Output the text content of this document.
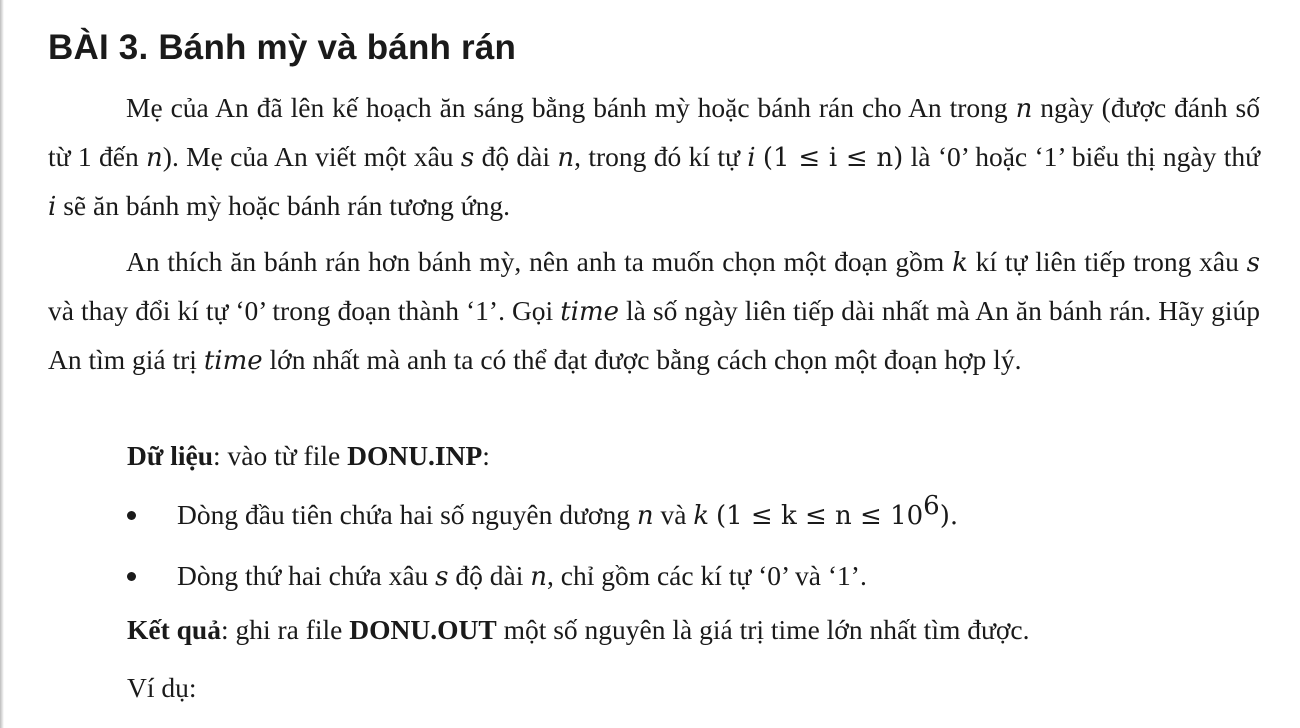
BÀI 3. Bánh mỳ và bánh rán

Mẹ của An đã lên kế hoạch ăn sáng bằng bánh mỳ hoặc bánh rán cho An trong n ngày (được đánh số từ 1 đến n). Mẹ của An viết một xâu s độ dài n, trong đó kí tự i (1 ≤ i ≤ n) là ‘0’ hoặc ‘1’ biểu thị ngày thứ i sẽ ăn bánh mỳ hoặc bánh rán tương ứng.

An thích ăn bánh rán hơn bánh mỳ, nên anh ta muốn chọn một đoạn gồm k kí tự liên tiếp trong xâu s và thay đổi kí tự ‘0’ trong đoạn thành ‘1’. Gọi time là số ngày liên tiếp dài nhất mà An ăn bánh rán. Hãy giúp An tìm giá trị time lớn nhất mà anh ta có thể đạt được bằng cách chọn một đoạn hợp lý.

Dữ liệu: vào từ file DONU.INP:

Dòng đầu tiên chứa hai số nguyên dương n và k $(1 \le k \le n \le 10^6)$.
Dòng thứ hai chứa xâu s độ dài n, chỉ gồm các kí tự ‘0’ và ‘1’.

Kết quả: ghi ra file DONU.OUT một số nguyên là giá trị time lớn nhất tìm được.

Ví dụ:
